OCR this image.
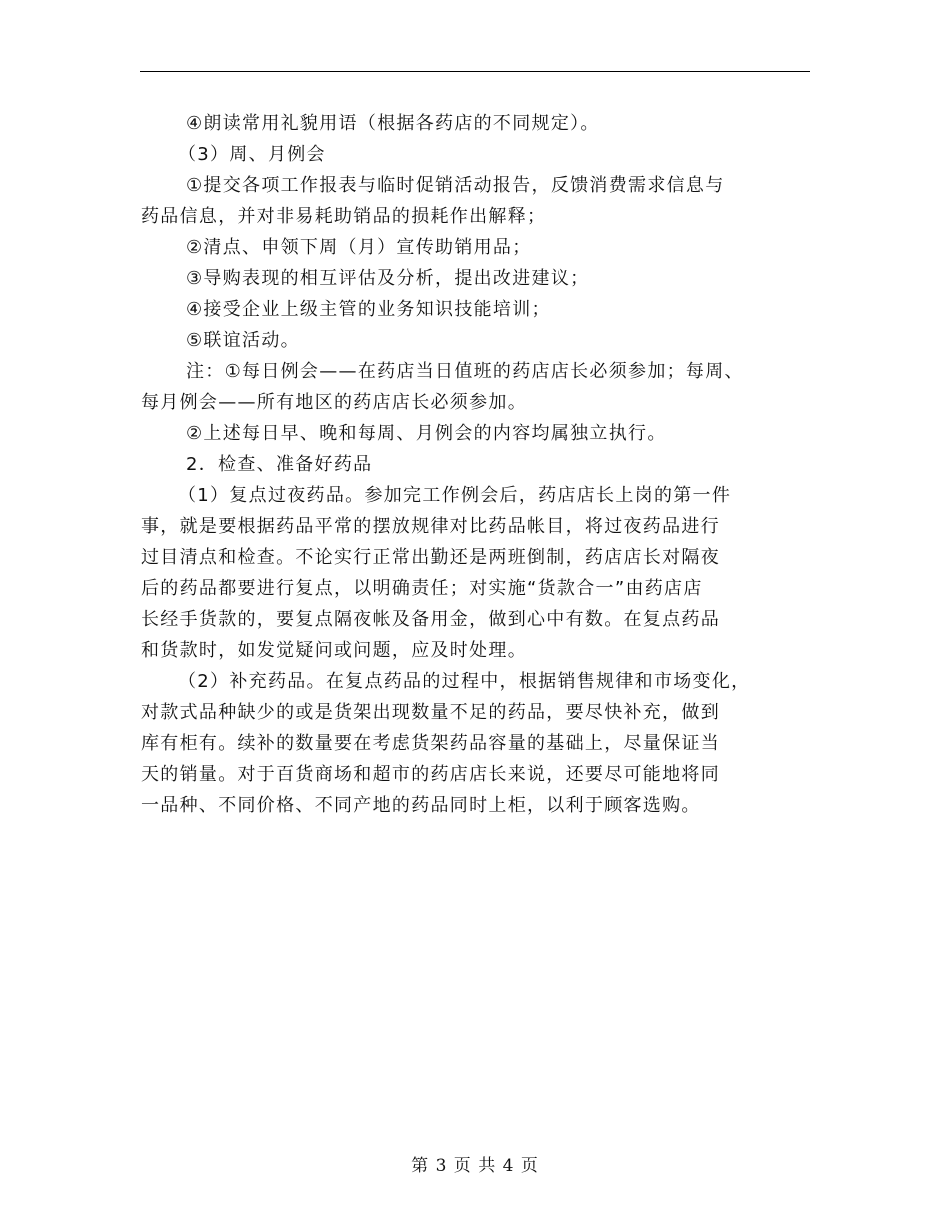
④朗读常用礼貌用语（根据各药店的不同规定）。
（3）周、月例会
①提交各项工作报表与临时促销活动报告，反馈消费需求信息与
药品信息，并对非易耗助销品的损耗作出解释；
②清点、申领下周（月）宣传助销用品；
③导购表现的相互评估及分析，提出改进建议；
④接受企业上级主管的业务知识技能培训；
⑤联谊活动。
注：①每日例会——在药店当日值班的药店店长必须参加；每周、
每月例会——所有地区的药店店长必须参加。
②上述每日早、晚和每周、月例会的内容均属独立执行。
2．检查、准备好药品
（1）复点过夜药品。参加完工作例会后，药店店长上岗的第一件
事，就是要根据药品平常的摆放规律对比药品帐目，将过夜药品进行
过目清点和检查。不论实行正常出勤还是两班倒制，药店店长对隔夜
后的药品都要进行复点，以明确责任；对实施“货款合一”由药店店
长经手货款的，要复点隔夜帐及备用金，做到心中有数。在复点药品
和货款时，如发觉疑问或问题，应及时处理。
（2）补充药品。在复点药品的过程中，根据销售规律和市场变化，
对款式品种缺少的或是货架出现数量不足的药品，要尽快补充，做到
库有柜有。续补的数量要在考虑货架药品容量的基础上，尽量保证当
天的销量。对于百货商场和超市的药店店长来说，还要尽可能地将同
一品种、不同价格、不同产地的药品同时上柜，以利于顾客选购。
第 3 页 共 4 页
